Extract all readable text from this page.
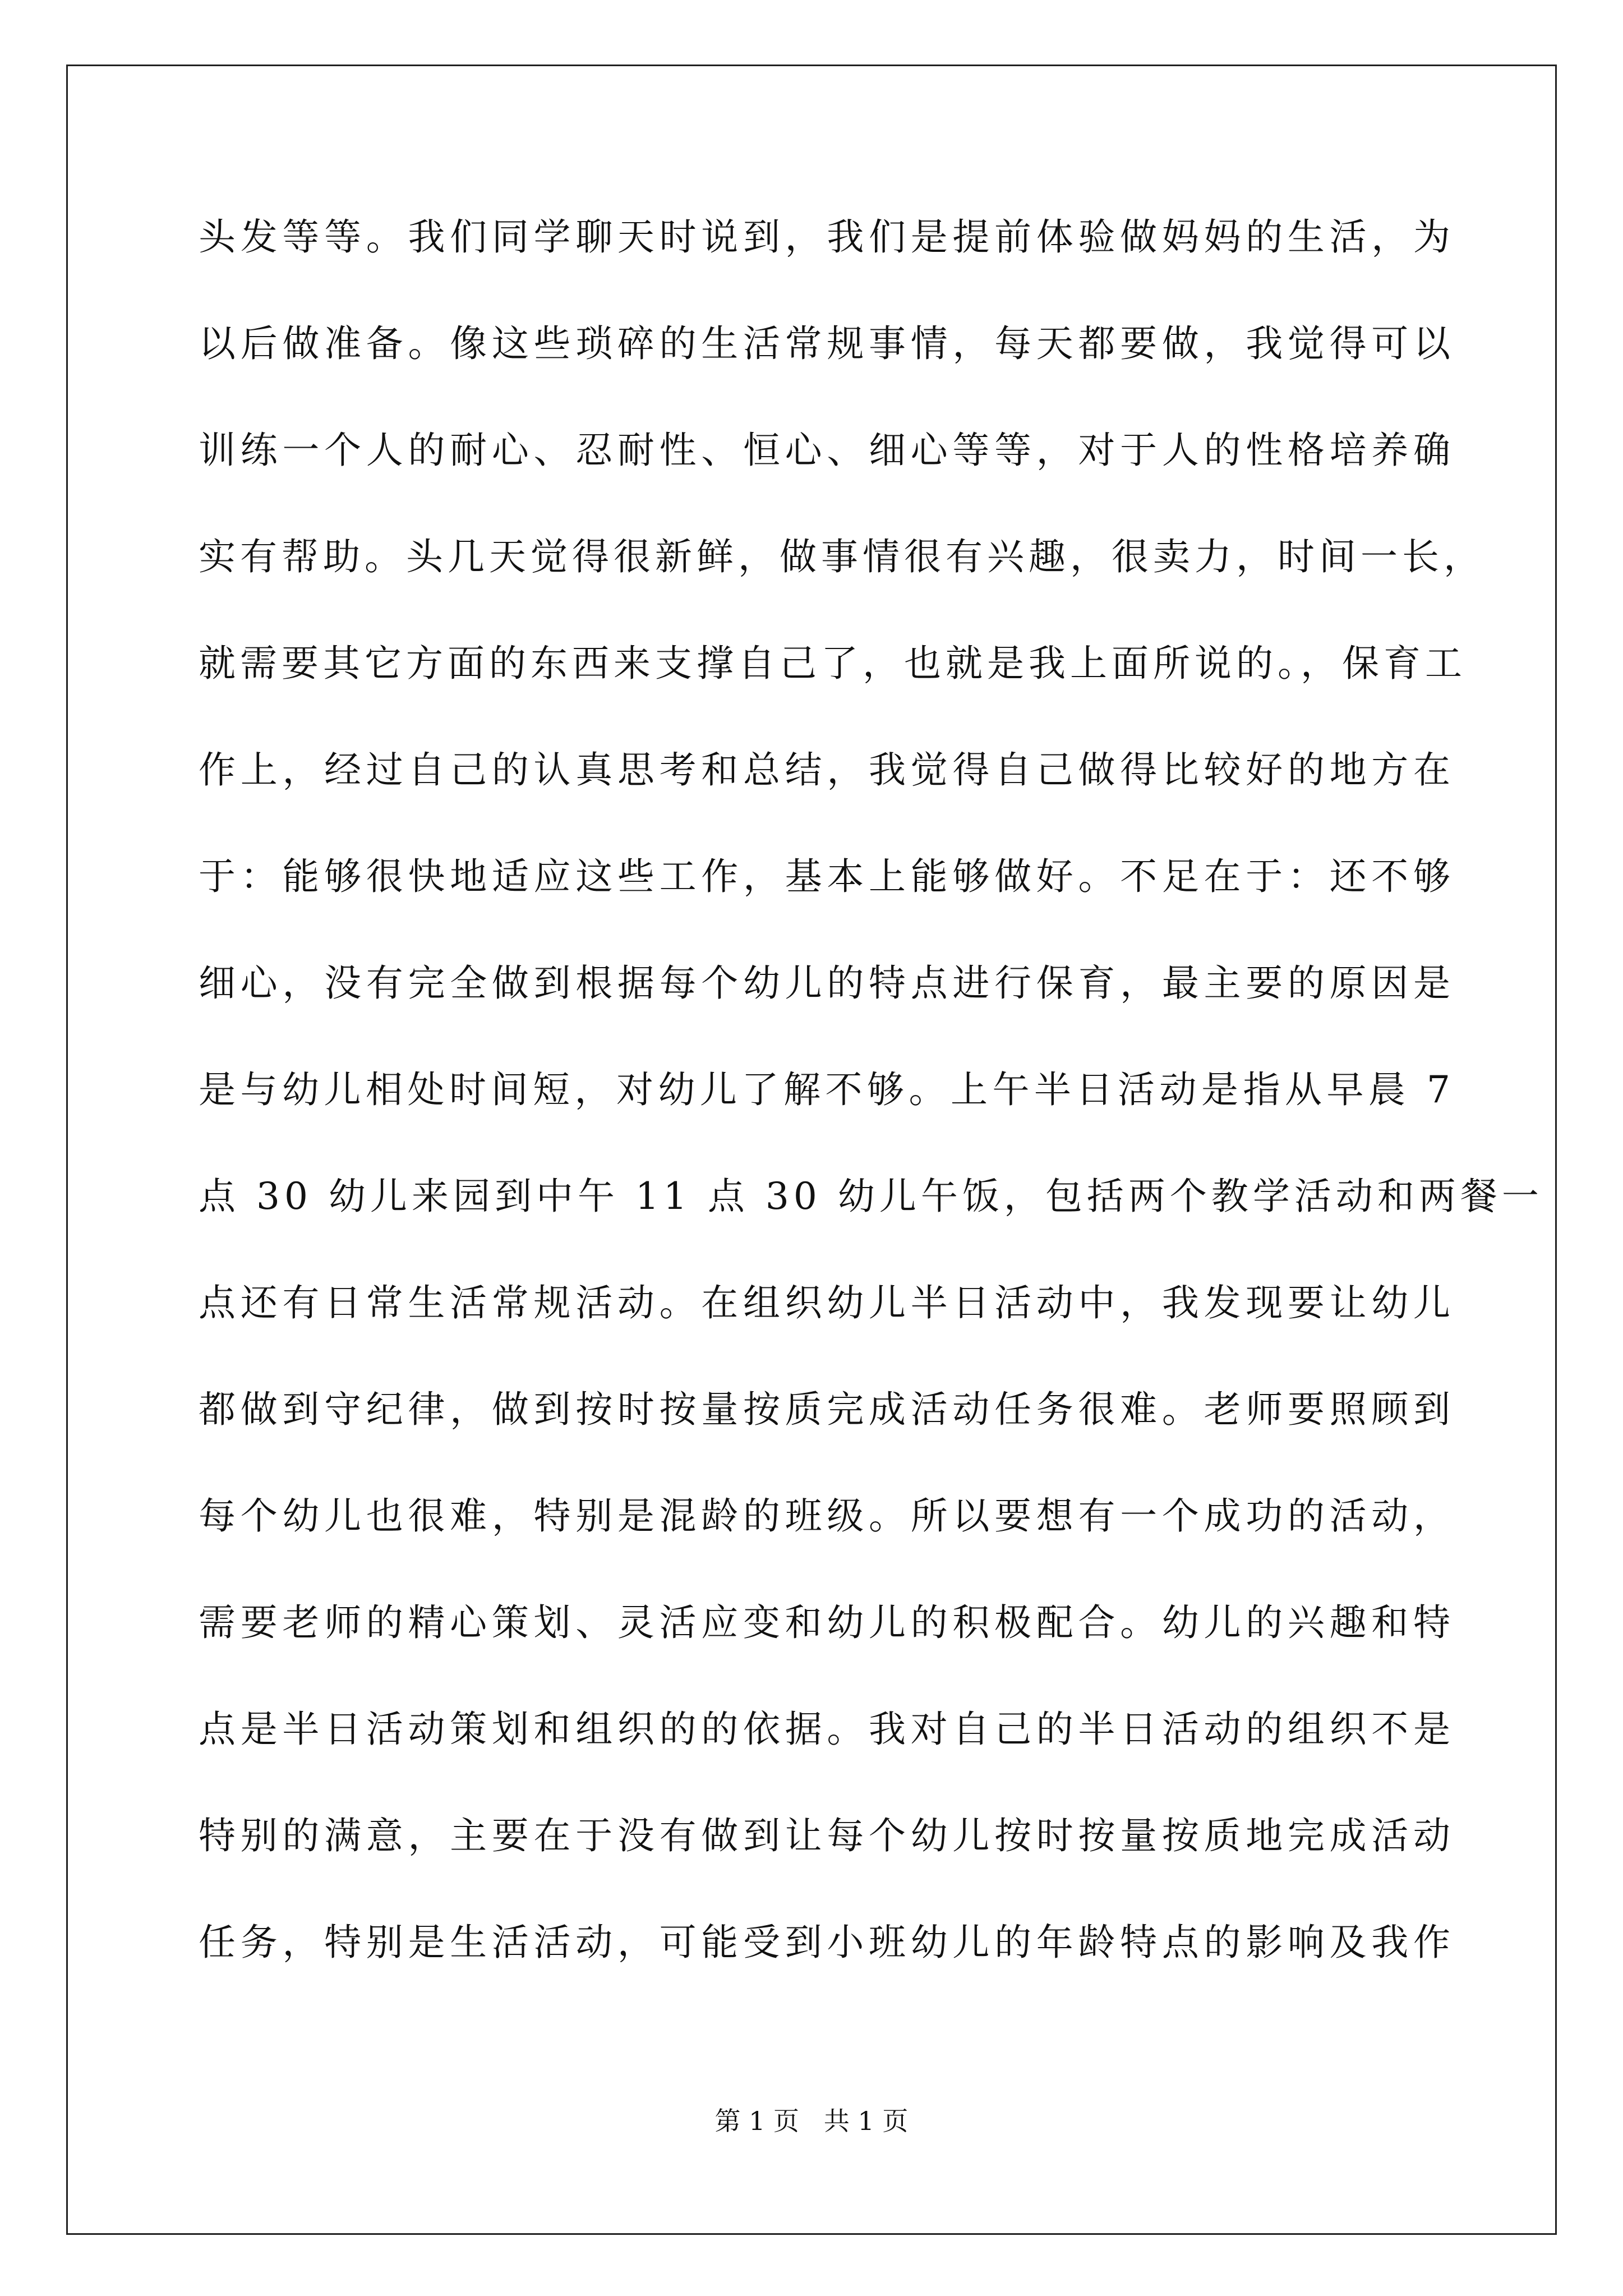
头发等等。我们同学聊天时说到，我们是提前体验做妈妈的生活，为
以后做准备。像这些琐碎的生活常规事情，每天都要做，我觉得可以
训练一个人的耐心、忍耐性、恒心、细心等等，对于人的性格培养确
实有帮助。头几天觉得很新鲜，做事情很有兴趣，很卖力，时间一长，
就需要其它方面的东西来支撑自己了，也就是我上面所说的。，保育工
作上，经过自己的认真思考和总结，我觉得自己做得比较好的地方在
于：能够很快地适应这些工作，基本上能够做好。不足在于：还不够
细心，没有完全做到根据每个幼儿的特点进行保育，最主要的原因是
是与幼儿相处时间短，对幼儿了解不够。上午半日活动是指从早晨 7
点 30 幼儿来园到中午 11 点 30 幼儿午饭，包括两个教学活动和两餐一
点还有日常生活常规活动。在组织幼儿半日活动中，我发现要让幼儿
都做到守纪律，做到按时按量按质完成活动任务很难。老师要照顾到
每个幼儿也很难，特别是混龄的班级。所以要想有一个成功的活动，
需要老师的精心策划、灵活应变和幼儿的积极配合。幼儿的兴趣和特
点是半日活动策划和组织的的依据。我对自己的半日活动的组织不是
特别的满意，主要在于没有做到让每个幼儿按时按量按质地完成活动
任务，特别是生活活动，可能受到小班幼儿的年龄特点的影响及我作
第 1 页   共 1 页
